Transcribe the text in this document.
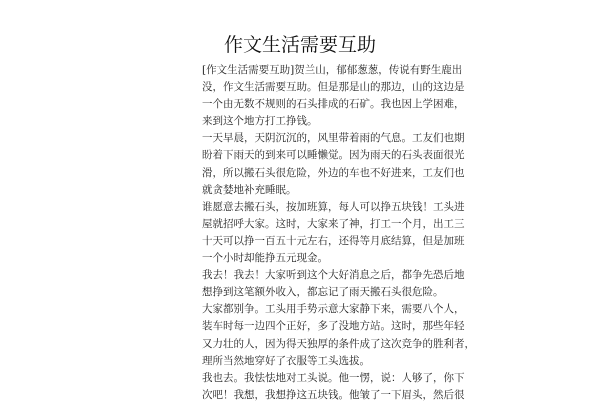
作文生活需要互助
[作文生活需要互助]贺兰山，郁郁葱葱，传说有野生鹿出
没，作文生活需要互助。但是那是山的那边，山的这边是
一个由无数不规则的石头排成的石矿。我也因上学困难，
来到这个地方打工挣钱。
一天早晨，天阴沉沉的，风里带着雨的气息。工友们也期
盼着下雨天的到来可以睡懒觉。因为雨天的石头表面很光
滑，所以搬石头很危险，外边的车也不好进来，工友们也
就贪婪地补充睡眠。
谁愿意去搬石头，按加班算，每人可以挣五块钱！工头进
屋就招呼大家。这时，大家来了神，打工一个月，出工三
十天可以挣一百五十元左右，还得等月底结算，但是加班
一个小时却能挣五元现金。
我去！我去！大家听到这个大好消息之后，都争先恐后地
想挣到这笔额外收入，都忘记了雨天搬石头很危险。
大家都别争。工头用手势示意大家静下来，需要八个人，
装车时每一边四个正好，多了没地方站。这时，那些年轻
又力壮的人，因为得天独厚的条件成了这次竞争的胜利者，
理所当然地穿好了衣服等工头选拔。
我也去。我怯怯地对工头说。他一愣，说：人够了，你下
次吧！我想，我想挣这五块钱。他皱了一下眉头，然后很
